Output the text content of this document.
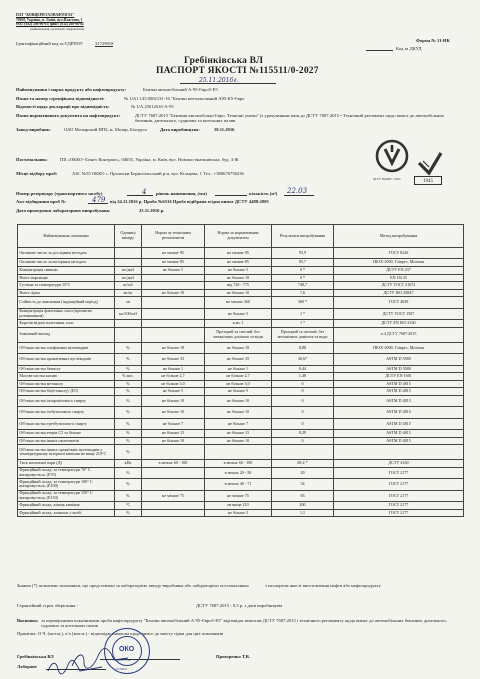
ПАТ "КОНЦЕРН ГАЛНАФТОГАЗ"
79058, Україна, м. Львів, вул.Пластова, 1
тел.: (032) 298-96-91; факс: (032) 298-96-02
(найменування, організації, підприємства)
Ідентифікаційний код за ЄДРПОУ	31729918
Форма № 11-НК
Код за ДКУД
Гребінківська ВЛ
ПАСПОРТ ЯКОСТІ №115511/0-2027
25.11.2016г.
Найменування і марка продукту або нафтопродукту:	Бензин автомобільний А-95-Євро5-Е5
Назва та номер сертифіката відповідності:	№ UA1.145.0002131-16 "Бензин неетильований А95-К5-Євро
Відомості щодо декларації про відповідність:	№ UA.25012016-А-95
Назва нормативного документа на нафтопродукт:	ДСТУ 7687:2015 "Бензини автомобільні Євро. Технічні умови" (з урахуванням змін до ДСТУ 7687:2015 • Технічний регламент щодо вимог до автомобільних бензинів, дизельного, суднових та котельних палив
Завод-виробник:	ОАО Мозырский НПЗ, м. Мозир, Білорусь	Дата виробництва:	10.11.2016
Постачальник:	ПІІ «ОККО- Бізнес Контракт», 04655, Україна, м. Київ, вул. Новокостянтинівська, буд. 4-Ж
Місце відбору проб:	АЗС №55 ОККО с. Пролиски Бориспільський р-н, вул. Кільцева, 1 Тел.: +380676756236
Номер резервуару (транспортного засобу)	4 рівень наповнення, (мм)	кількість (м³) 22.03
Акт відбирання проб №	479 від 24.11.2016 р. Проба №6516 Проба відібрана згідно вимог ДСТУ 4488:2005
Дата проведення лабораторних випробувань:	25.11.2016 р.
ДСТУ ISO/IEC 17025	1945
Найменування показника	Одиниці виміру	Норма за технічним регламентом	Норма за нормативним документом	Результати випробування	Метод випробування
Октанове число за дослідним методом		не менше 95	не менше 95	95,9	ГОСТ 8226
Октанове число за моторним методом		не менше 85	не менше 85	85,7	IROX-2000, Гліврес, Міліпан
Концентрація свинцю	мг/дм3	не більше 5	не більше 5	0 *	ДСТУ EN 237
Вміст марганцю	мг/дм3		не більше 18	0 *	EN 16135
Густина за температури 15°С	кг/м3		від 720 - 775	748,7	ДСТУ ГОСТ 31072
Вміст сірки	мг/кг	не більше 10	не більше 10	7,6	ДСТУ ISO 20847
Стійкість до окиснення (індукційний період)	хв		не менше 360	360 *	ГОСТ 4039
Концентрація фактичних смол (промитих розчинником)	мг/100см3		не більше 5	1 *	ДСТУ ГОСТ 1567
Корозія мідної пластинки, клас			клас 1	1 *	ДСТУ EN ISO 2160
Зовнішній вигляд			Прозорий та світлий, без механічних домішок та води	Прозорий та світлий, без механічних домішок та води	п.4 ДСТУ 7687:2015
Об'ємна частка олефінових вуглеводнів	%	не більше 18	не більше 18	8,88	IROX-2000, Гліврес, Міліпан
Об'ємна частка ароматичних вуглеводнів	%	не більше 35	не більше 35	30,67	ASTM D 5580
Об'ємна частка бензолу	%	не більше 1	не більше 1	0,44	ASTM D 5580
Масова частка кисню	% мас.	не більше 2,7	не більше 2,7	1,48	ДСТУ EN 1601
Об'ємна частка метанолу	%	не більше 3,0	не більше 3,0	0	ASTM D 4815
Об'ємна частка біо(етанолу), (Е5)	%	не більше 5	не більше 5	0	ASTM D 4815
Об'ємна частка ізопропілового спирту	%	не більше 10	не більше 10	0	ASTM D 4815
Об'ємна частка ізобутилового спирту	%	не більше 10	не більше 10	0	ASTM D 4815
Об'ємна частка третбутилового спирту	%	не більше 7	не більше 7	0	ASTM D 4815
Об'ємна частка етерів С5 та більше	%	не більше 15	не більше 15	8,29	ASTM D 4815
Об'ємна частка інших оксигенатів	%	не більше 10	не більше 10	0	ASTM D 4815
Об'ємна частка інших органічних вуглеводнів у температурному інтервалі кипіння не вище 210°С	%				
Тиск насиченої пари (Д)	кПа	в межах 60 - 100	в межах 60 - 100	68,4 *	ДСТУ 4160
Фракційний склад: за температури 70° С випаровується, (Е70)	%		в межах 20 - 50	29	ГОСТ 2177
Фракційний склад: за температури 100° С випаровується, (Е100)	%		в межах 46 - 71	54	ГОСТ 2177
Фракційний склад: за температури 150° С випаровується, (Е150)	%	не менше 75	не менше 75	83	ГОСТ 2177
Фракційний склад: кінець кипіння	°С		не вище 210	200	ГОСТ 2177
Фракційний склад: залишок у колбі	%		не більше 2	1,1	ГОСТ 2177
Знаком (*) позначено показники, що представлені за лабораторією заводу-виробника або лабораторією постачальника	з паспортом якості виготовлення нафти або нафтопродукту
Гарантійний строк зберігання -	ДСТУ 7687:2015 - 0,5 р. з дати виробництва
Висновок: за перевіреними показниками проба нафтопродукту "Бензин автомобільний А-95-Євро5-Е5" відповідає вимогам ДСТУ 7687:2015 і технічного регламенту щодо вимог до автомобільних бензинів, дизельного, суднових та котельних палив
Примітка: О.Ч. (мот.м.), о/ч (мот.м.) - відповідає вимогам щодо вимог до вмісту сірки для цих показників
Гребінківська ВЛ	Прохоренко Т.В.
Лаборант
ОКО
ЯКОСТІ №
31729918
